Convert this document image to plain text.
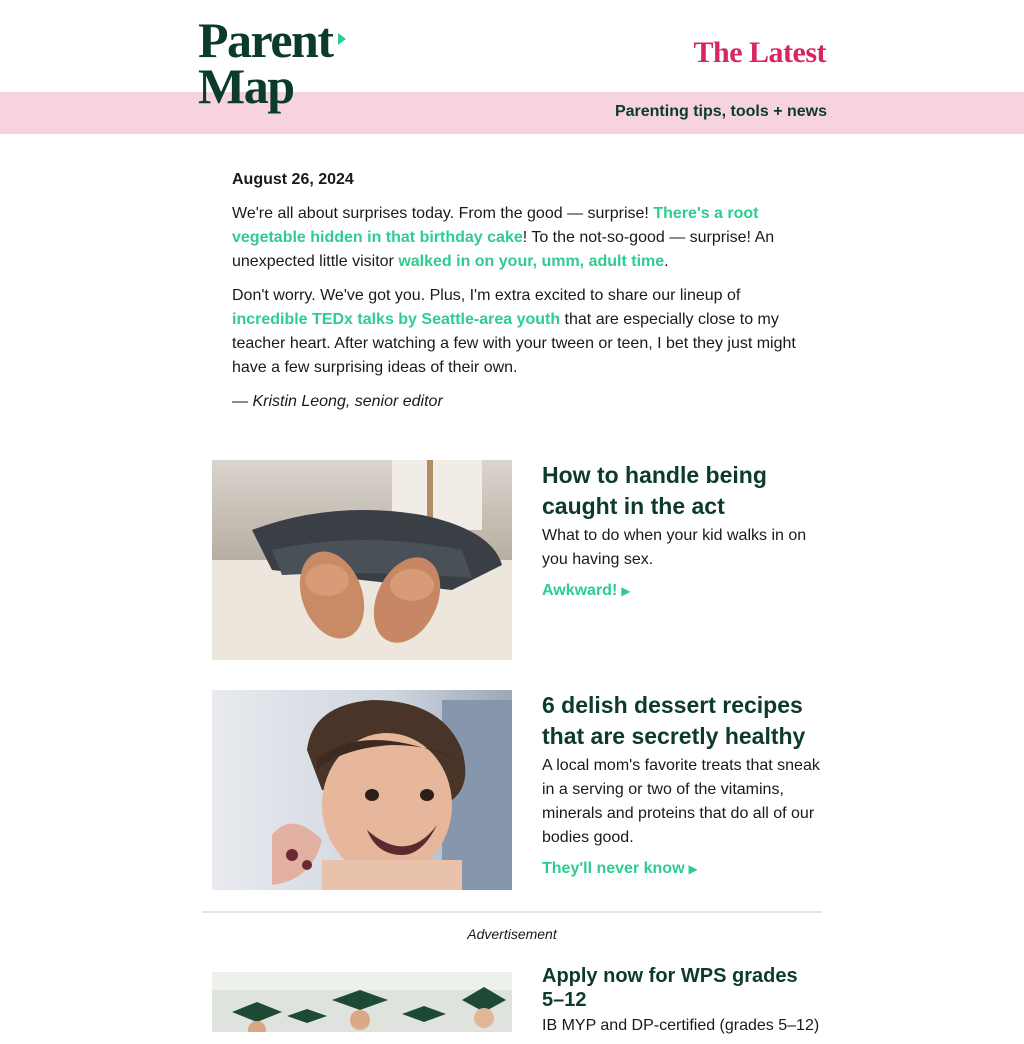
Parent
Map
The Latest
Parenting tips, tools + news
August 26, 2024

We're all about surprises today. From the good — surprise! There's a root vegetable hidden in that birthday cake! To the not-so-good — surprise! An unexpected little visitor walked in on your, umm, adult time.

Don't worry. We've got you. Plus, I'm extra excited to share our lineup of incredible TEDx talks by Seattle-area youth that are especially close to my teacher heart. After watching a few with your tween or teen, I bet they just might have a few surprising ideas of their own.

— Kristin Leong, senior editor

How to handle being caught in the act

What to do when your kid walks in on you having sex.

Awkward! ▶
6 delish dessert recipes that are secretly healthy

A local mom's favorite treats that sneak in a serving or two of the vitamins, minerals and proteins that do all of our bodies good.

They'll never know ▶
Advertisement
Apply now for WPS grades 5–12

IB MYP and DP-certified (grades 5–12)
